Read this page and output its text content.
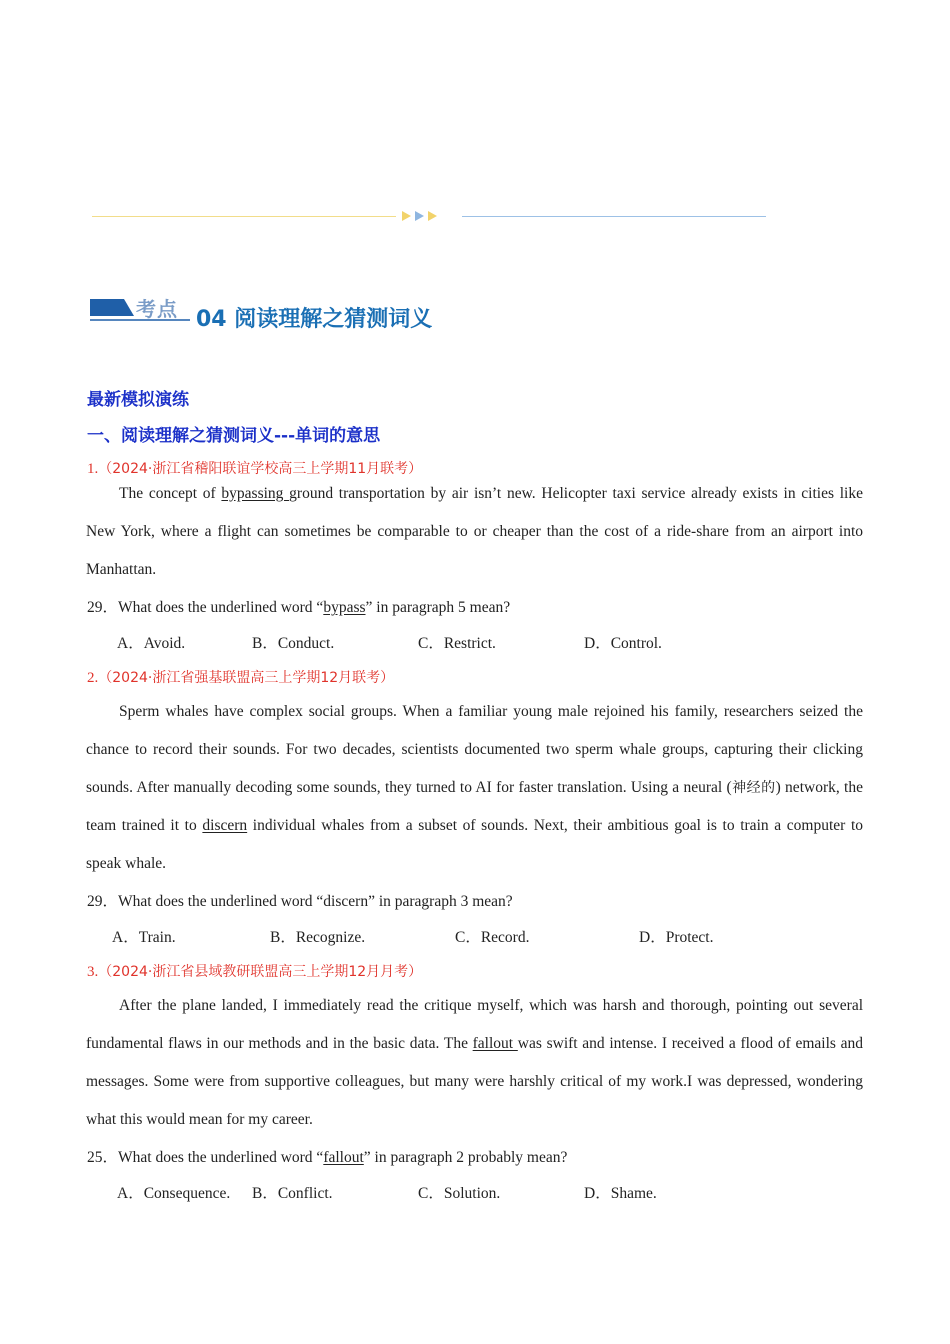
考点 04 阅读理解之猜测词义
最新模拟演练
一、阅读理解之猜测词义---单词的意思
1.（2024·浙江省稽阳联谊学校高三上学期11月联考）

The concept of bypassing ground transportation by air isn’t new. Helicopter taxi service already exists in cities like New York, where a flight can sometimes be comparable to or cheaper than the cost of a ride-share from an airport into Manhattan.

29．What does the underlined word “bypass” in paragraph 5 mean?
A．Avoid.	B．Conduct.	C．Restrict.	D．Control.
2.（2024·浙江省强基联盟高三上学期12月联考）

Sperm whales have complex social groups. When a familiar young male rejoined his family, researchers seized the chance to record their sounds. For two decades, scientists documented two sperm whale groups, capturing their clicking sounds. After manually decoding some sounds, they turned to AI for faster translation. Using a neural (神经的) network, the team trained it to discern individual whales from a subset of sounds. Next, their ambitious goal is to train a computer to speak whale.

29．What does the underlined word “discern” in paragraph 3 mean?
A．Train.	B．Recognize.	C．Record.	D．Protect.
3.（2024·浙江省县域教研联盟高三上学期12月月考）

After the plane landed, I immediately read the critique myself, which was harsh and thorough, pointing out several fundamental flaws in our methods and in the basic data. The fallout was swift and intense. I received a flood of emails and messages. Some were from supportive colleagues, but many were harshly critical of my work.I was depressed, wondering what this would mean for my career.

25．What does the underlined word “fallout” in paragraph 2 probably mean?
A．Consequence. B．Conflict.	C．Solution.	D．Shame.
